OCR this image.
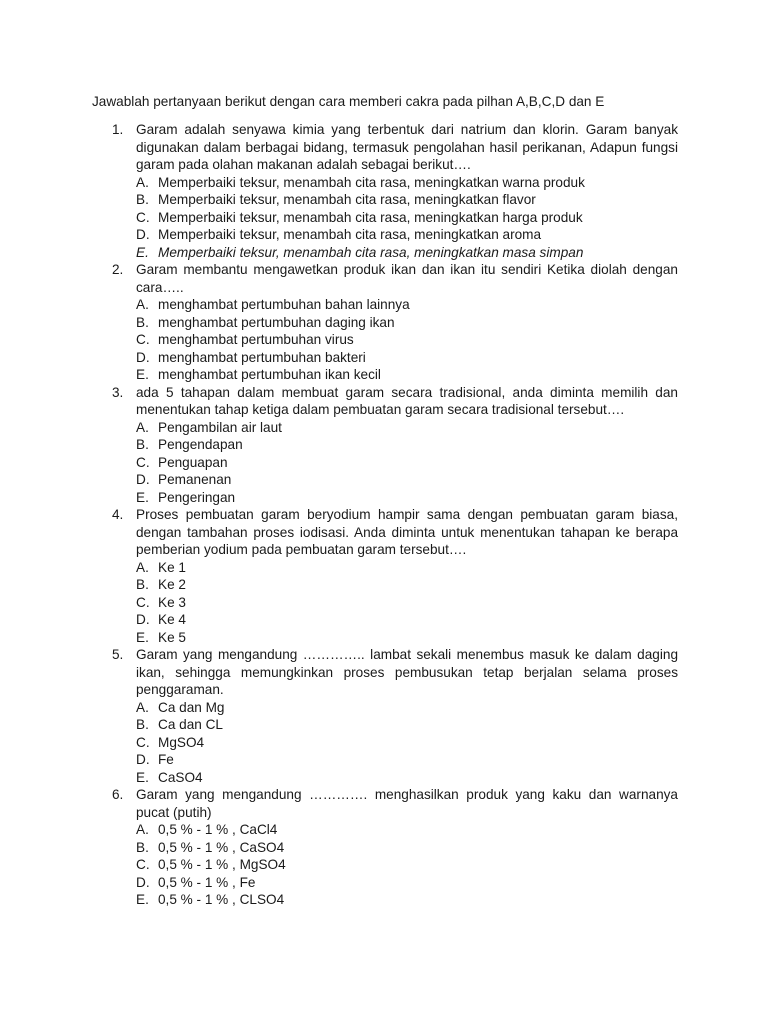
Jawablah pertanyaan berikut dengan cara memberi cakra pada pilhan A,B,C,D dan E
1. Garam adalah senyawa kimia yang terbentuk dari natrium dan klorin. Garam banyak digunakan dalam berbagai bidang, termasuk pengolahan hasil perikanan, Adapun fungsi garam pada olahan makanan adalah sebagai berikut….
A. Memperbaiki teksur, menambah cita rasa, meningkatkan warna produk
B. Memperbaiki teksur, menambah cita rasa, meningkatkan flavor
C. Memperbaiki teksur, menambah cita rasa, meningkatkan harga produk
D. Memperbaiki teksur, menambah cita rasa, meningkatkan aroma
E. Memperbaiki teksur, menambah cita rasa, meningkatkan masa simpan
2. Garam membantu mengawetkan produk ikan dan ikan itu sendiri Ketika diolah dengan cara…..
A. menghambat pertumbuhan bahan lainnya
B. menghambat pertumbuhan daging ikan
C. menghambat pertumbuhan virus
D. menghambat pertumbuhan bakteri
E. menghambat pertumbuhan ikan kecil
3. ada 5 tahapan dalam membuat garam secara tradisional, anda diminta memilih dan menentukan tahap ketiga dalam pembuatan garam secara tradisional tersebut….
A. Pengambilan air laut
B. Pengendapan
C. Penguapan
D. Pemanenan
E. Pengeringan
4. Proses pembuatan garam beryodium hampir sama dengan pembuatan garam biasa, dengan tambahan proses iodisasi. Anda diminta untuk menentukan tahapan ke berapa pemberian yodium pada pembuatan garam tersebut….
A. Ke 1
B. Ke 2
C. Ke 3
D. Ke 4
E. Ke 5
5. Garam yang mengandung ………….. lambat sekali menembus masuk ke dalam daging ikan, sehingga memungkinkan proses pembusukan tetap berjalan selama proses penggaraman.
A. Ca dan Mg
B. Ca dan CL
C. MgSO4
D. Fe
E. CaSO4
6. Garam yang mengandung …………. menghasilkan produk yang kaku dan warnanya pucat (putih)
A. 0,5 % - 1 % , CaCl4
B. 0,5 % - 1 % , CaSO4
C. 0,5 % - 1 % , MgSO4
D. 0,5 % - 1 % , Fe
E. 0,5 % - 1 % , CLSO4
